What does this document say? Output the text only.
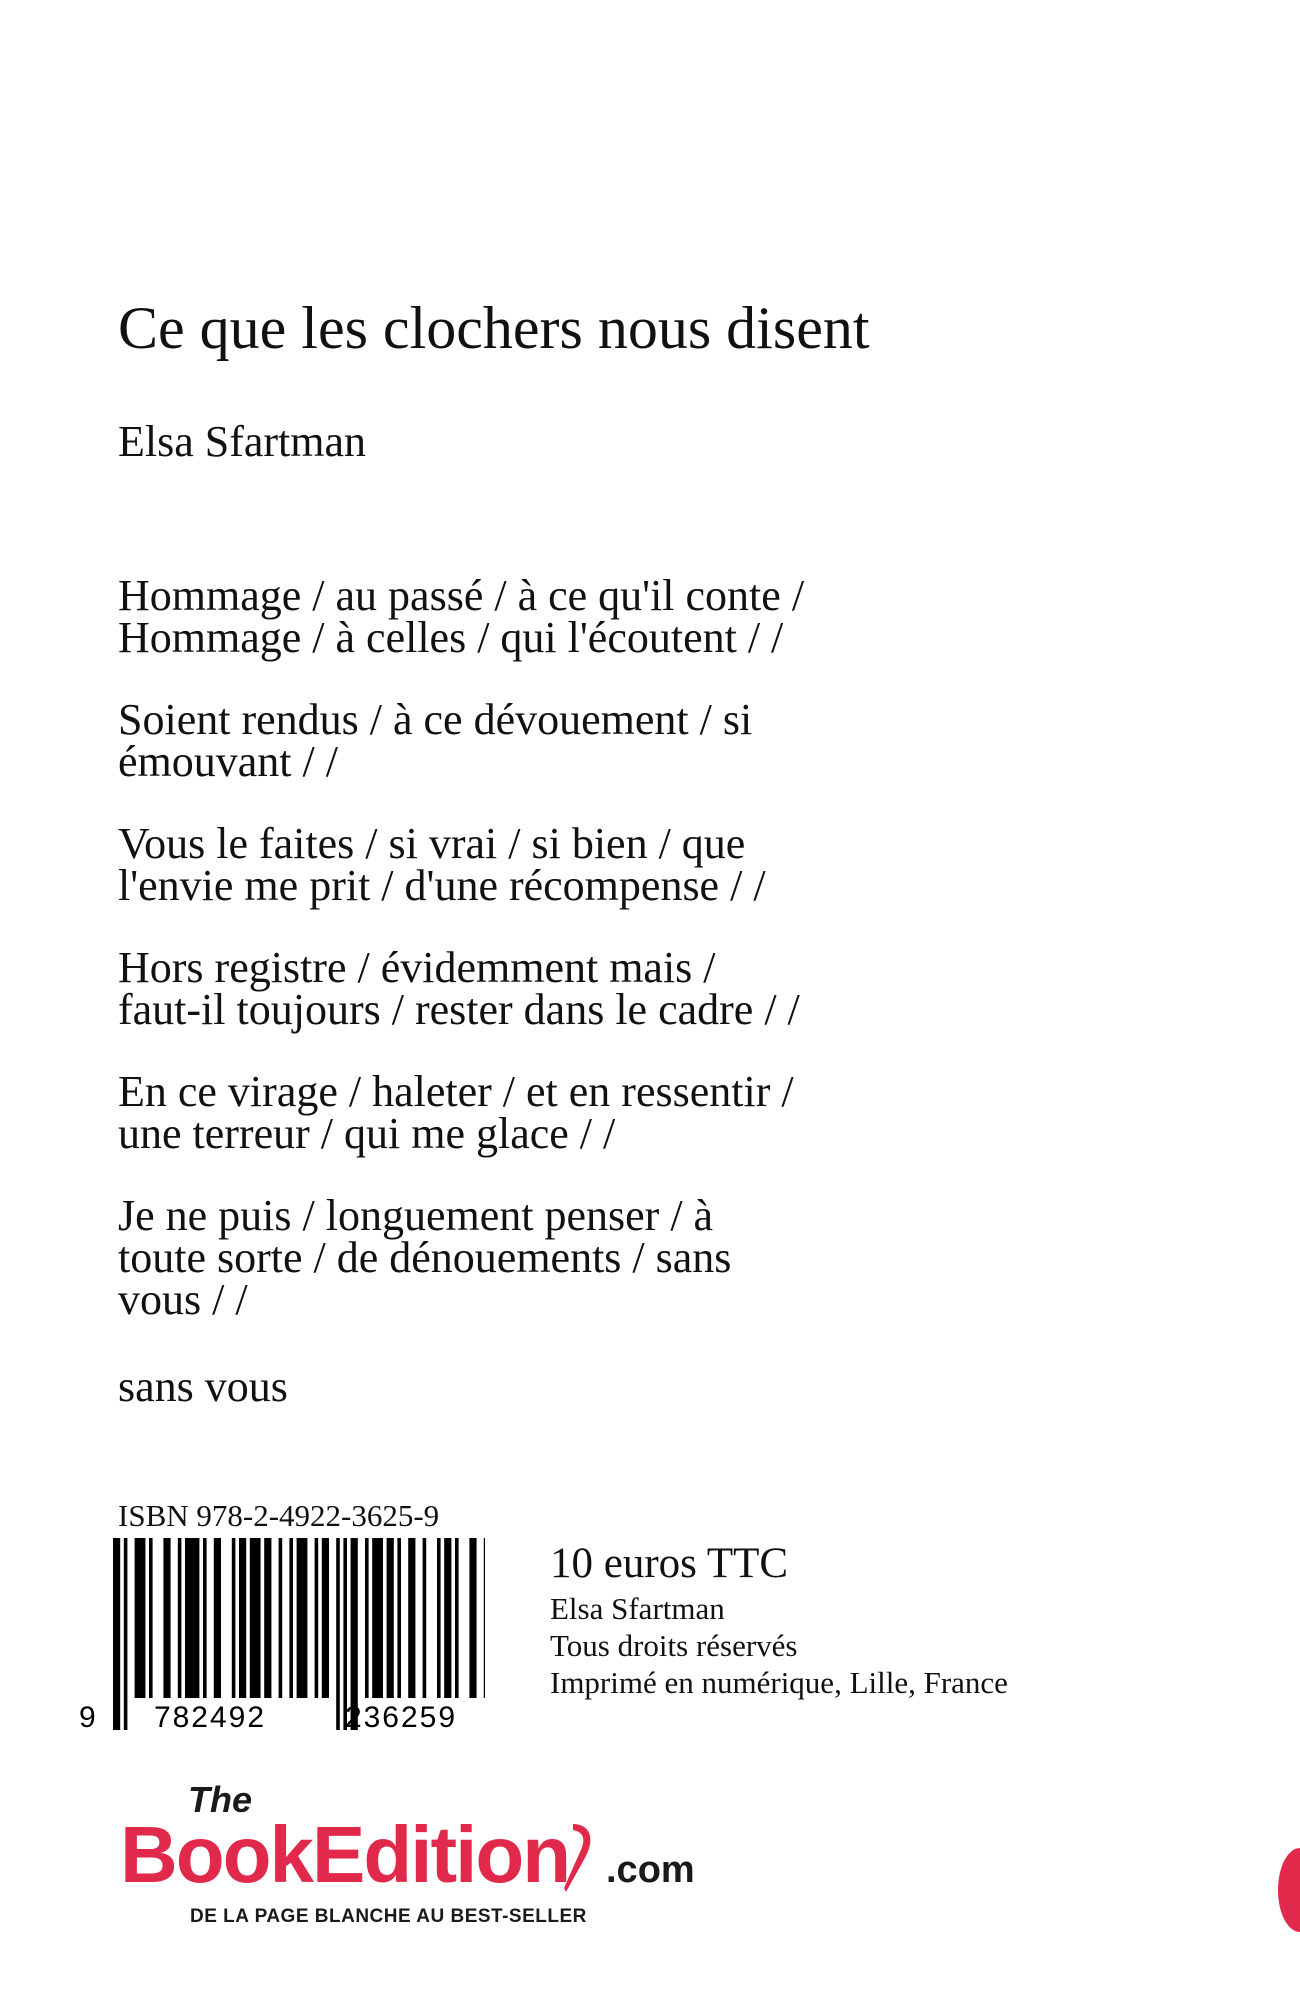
Ce que les clochers nous disent
Elsa Sfartman
Hommage / au passé / à ce qu'il conte /
Hommage / à celles / qui l'écoutent / /
Soient rendus / à ce dévouement / si
émouvant / /
Vous le faites / si vrai / si bien / que
l'envie me prit / d'une récompense / /
Hors registre / évidemment mais /
faut-il toujours / rester dans le cadre / /
En ce virage / haleter / et en ressentir /
une terreur / qui me glace / /
Je ne puis / longuement penser / à
toute sorte / de dénouements / sans
vous / /
sans vous
ISBN 978-2-4922-3625-9
9 782492	236259
10 euros TTC
Elsa Sfartman
Tous droits réservés
Imprimé en numérique, Lille, France
The
BookEdition .com
DE LA PAGE BLANCHE AU BEST-SELLER
